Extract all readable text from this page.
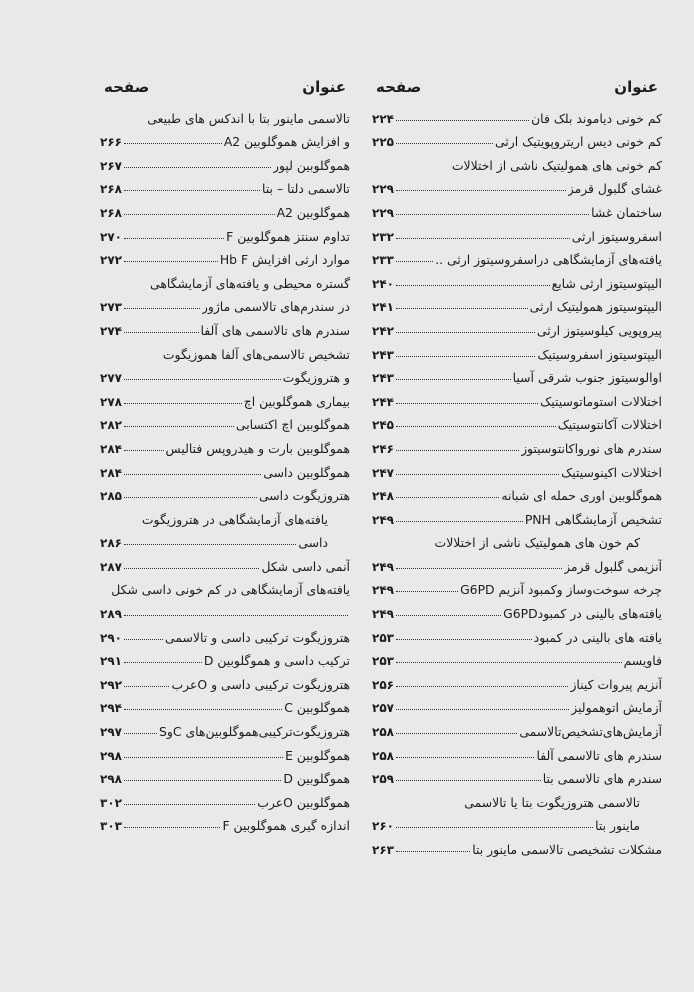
عنوان
صفحه
کم خونی دیاموند بلک فان
۲۲۴
کم خونی دیس اریتروپویتیک ارثی
۲۲۵
کم خونی های همولیتیک ناشی از اختلالات
غشای گلبول قرمز
۲۲۹
ساختمان غشا
۲۲۹
اسفروسیتوز ارثی
۲۳۲
یافته‌های آزمایشگاهی دراسفروسیتوز ارثی ..
۲۳۳
الیپتوسیتوز ارثی شایع
۲۴۰
الیپتوسیتوز همولیتیک ارثی
۲۴۱
پیروپویی کیلوسیتوز ارثی
۲۴۲
الیپتوسیتوز اسفروسیتیک
۲۴۳
اوالوسیتوز جنوب شرقی آسیا
۲۴۳
اختلالات استوماتوسیتیک
۲۴۴
اختلالات آکانتوسیتیک
۲۴۵
سندرم های نورواکانتوسیتوز
۲۴۶
اختلالات اکینوسیتیک
۲۴۷
هموگلوبین اوری حمله ای شبانه
۲۴۸
تشخیص آزمایشگاهی PNH
۲۴۹
کم خون های همولیتیک ناشی از اختلالات
آنزیمی گلبول قرمز
۲۴۹
چرخه سوخت‌وساز وکمبود آنزیم G6PD
۲۴۹
یافته‌های بالینی در کمبودG6PD
۲۴۹
یافته های بالینی در کمبود
۲۵۳
فاویسم
۲۵۳
آنزیم پیروات کیناز
۲۵۶
آزمایش اتوهمولیز
۲۵۷
آزمایش‌های‌تشخیص‌تالاسمی
۲۵۸
سندرم های تالاسمی آلفا
۲۵۸
سندرم های تالاسمی بتا
۲۵۹
تالاسمی هتروزیگوت بتا یا تالاسمی
ماینور بتا
۲۶۰
مشکلات تشخیصی تالاسمی ماینور بتا
۲۶۳
عنوان
صفحه
تالاسمی ماینور بتا با اندکس های طبیعی
و افزایش هموگلوبین A2
۲۶۶
هموگلوبین لپور
۲۶۷
تالاسمی دلتا – بتا
۲۶۸
هموگلوبین A2
۲۶۸
تداوم سنتز هموگلوبین F
۲۷۰
موارد ارثی افزایش Hb F
۲۷۲
گستره محیطی و یافته‌های آزمایشگاهی
در سندرم‌های تالاسمی ماژور
۲۷۳
سندرم های تالاسمی های آلفا
۲۷۴
تشخیص تالاسمی‌های آلفا هموزیگوت
و هتروزیگوت
۲۷۷
بیماری هموگلوبین اچ
۲۷۸
هموگلوبین اچ اکتسابی
۲۸۲
هموگلوبین بارت و هیدروپس فتالیس
۲۸۴
هموگلوبین داسی
۲۸۴
هتروزیگوت داسی
۲۸۵
یافته‌های آزمایشگاهی در هتروزیگوت
داسی
۲۸۶
آنمی داسی شکل
۲۸۷
یافته‌های آزمایشگاهی در کم خونی داسی شکل
۲۸۹
هتروزیگوت ترکیبی داسی و تالاسمی
۲۹۰
ترکیب داسی و هموگلوبین D
۲۹۱
هتروزیگوت ترکیبی داسی و Oعرب
۲۹۲
هموگلوبین C
۲۹۴
هتروزیگوت‌ترکیبی‌هموگلوبین‌های CوS
۲۹۷
هموگلوبین E
۲۹۸
هموگلوبین D
۲۹۸
هموگلوبین Oعرب
۳۰۲
اندازه گیری هموگلوبین F
۳۰۳
